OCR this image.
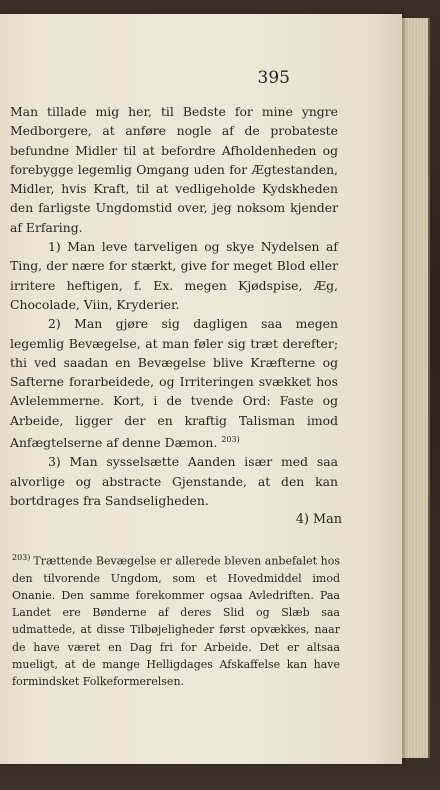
395

Man tillade mig her, til Bedste for mine yngre Medborgere, at anføre nogle af de probateste befundne Midler til at befordre Afholdenheden og forebygge legemlig Omgang uden for Ægtestanden, Midler, hvis Kraft, til at vedligeholde Kydskheden den farligste Ungdomstid over, jeg noksom kjender af Erfaring.

1) Man leve tarveligen og skye Nydelsen af Ting, der nære for stærkt, give for meget Blod eller irritere heftigen, f. Ex. megen Kjødspise, Æg, Chocolade, Viin, Kryderier.

2) Man gjøre sig dagligen saa megen legemlig Bevægelse, at man føler sig træt derefter; thi ved saadan en Bevægelse blive Kræfterne og Safterne forarbeidede, og Irriteringen svækket hos Avlelemmerne. Kort, i de tvende Ord: Faste og Arbeide, ligger der en kraftig Talisman imod Anfægtelserne af denne Dæmon. $^{203)}$

3) Man sysselsætte Aanden især med saa alvorlige og abstracte Gjenstande, at den kan bortdrages fra Sandseligheden.

4) Man

$^{203)}$ Trættende Bevægelse er allerede bleven anbefalet hos den tilvorende Ungdom, som et Hovedmiddel imod Onanie. Den samme forekommer ogsaa Avledriften. Paa Landet ere Bønderne af deres Slid og Slæb saa udmattede, at disse Tilbøjeligheder først opvækkes, naar de have været en Dag fri for Arbeide. Det er altsaa mueligt, at de mange Helligdages Afskaffelse kan have formindsket Folkeformerelsen.
